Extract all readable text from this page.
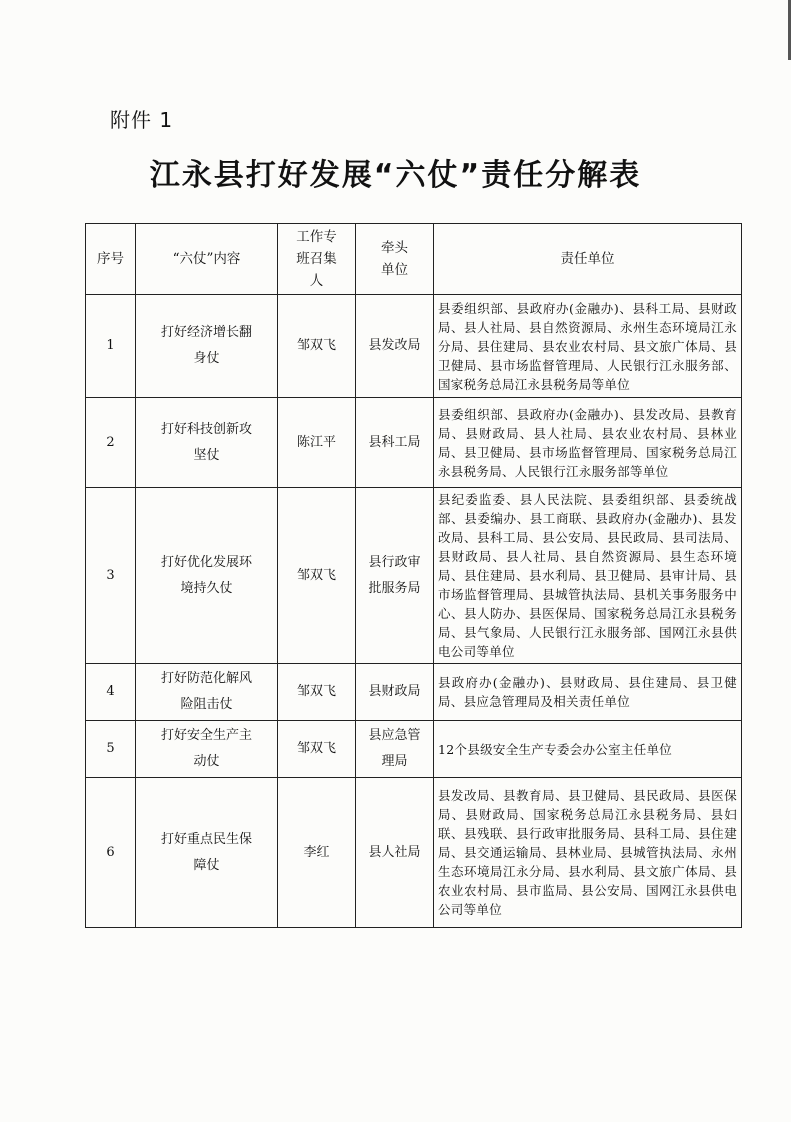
附件 1
江永县打好发展“六仗”责任分解表
序号	“六仗”内容	工作专班召集人	牵头单位	责任单位
1	打好经济增长翻身仗	邹双飞	县发改局	县委组织部、县政府办(金融办)、县科工局、县财政局、县人社局、县自然资源局、永州生态环境局江永分局、县住建局、县农业农村局、县文旅广体局、县卫健局、县市场监督管理局、人民银行江永服务部、国家税务总局江永县税务局等单位
2	打好科技创新攻坚仗	陈江平	县科工局	县委组织部、县政府办(金融办)、县发改局、县教育局、县财政局、县人社局、县农业农村局、县林业局、县卫健局、县市场监督管理局、国家税务总局江永县税务局、人民银行江永服务部等单位
3	打好优化发展环境持久仗	邹双飞	县行政审批服务局	县纪委监委、县人民法院、县委组织部、县委统战部、县委编办、县工商联、县政府办(金融办)、县发改局、县科工局、县公安局、县民政局、县司法局、县财政局、县人社局、县自然资源局、县生态环境局、县住建局、县水利局、县卫健局、县审计局、县市场监督管理局、县城管执法局、县机关事务服务中心、县人防办、县医保局、国家税务总局江永县税务局、县气象局、人民银行江永服务部、国网江永县供电公司等单位
4	打好防范化解风险阻击仗	邹双飞	县财政局	县政府办(金融办)、县财政局、县住建局、县卫健局、县应急管理局及相关责任单位
5	打好安全生产主动仗	邹双飞	县应急管理局	12个县级安全生产专委会办公室主任单位
6	打好重点民生保障仗	李红	县人社局	县发改局、县教育局、县卫健局、县民政局、县医保局、县财政局、国家税务总局江永县税务局、县妇联、县残联、县行政审批服务局、县科工局、县住建局、县交通运输局、县林业局、县城管执法局、永州生态环境局江永分局、县水利局、县文旅广体局、县农业农村局、县市监局、县公安局、国网江永县供电公司等单位
